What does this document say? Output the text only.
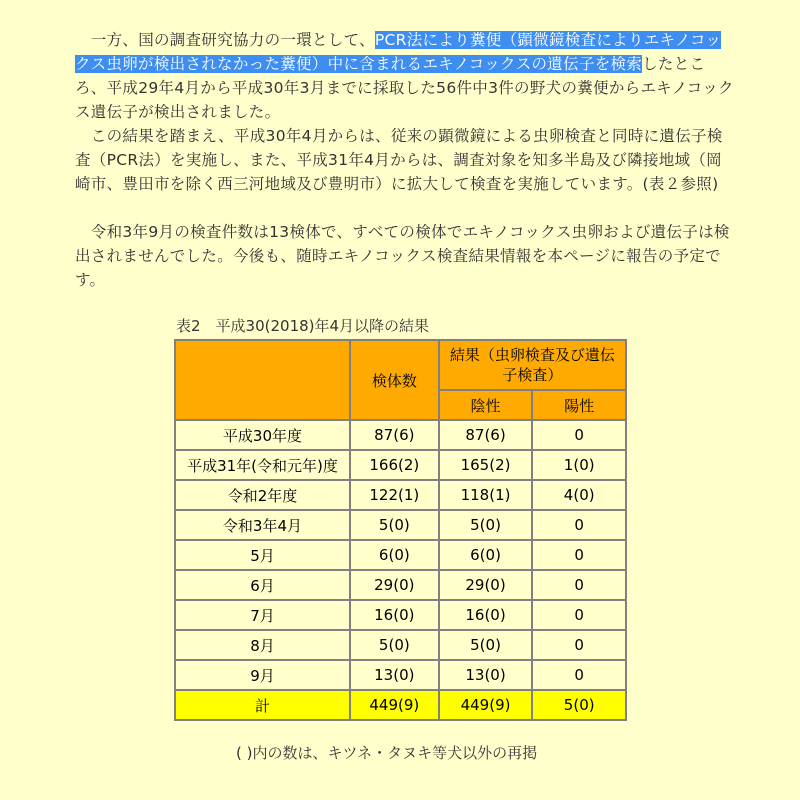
　一方、国の調査研究協力の一環として、PCR法により糞便（顕微鏡検査によりエキノコックス虫卵が検出されなかった糞便）中に含まれるエキノコックスの遺伝子を検索したところ、平成29年4月から平成30年3月までに採取した56件中3件の野犬の糞便からエキノコックス遺伝子が検出されました。

　この結果を踏まえ、平成30年4月からは、従来の顕微鏡による虫卵検査と同時に遺伝子検査（PCR法）を実施し、また、平成31年4月からは、調査対象を知多半島及び隣接地域（岡崎市、豊田市を除く西三河地域及び豊明市）に拡大して検査を実施しています。(表２参照)

　令和3年9月の検査件数は13検体で、すべての検体でエキノコックス虫卵および遺伝子は検出されませんでした。今後も、随時エキノコックス検査結果情報を本ページに報告の予定です。

表2　平成30(2018)年4月以降の結果
	検体数	結果（虫卵検査及び遺伝子検査）	
		陰性	陽性
平成30年度	87(6)	87(6)	0
平成31年(令和元年)度	166(2)	165(2)	1(0)
令和2年度	122(1)	118(1)	4(0)
令和3年4月	5(0)	5(0)	0
5月	6(0)	6(0)	0
6月	29(0)	29(0)	0
7月	16(0)	16(0)	0
8月	5(0)	5(0)	0
9月	13(0)	13(0)	0
計	449(9)	449(9)	5(0)
( )内の数は、キツネ・タヌキ等犬以外の再掲
